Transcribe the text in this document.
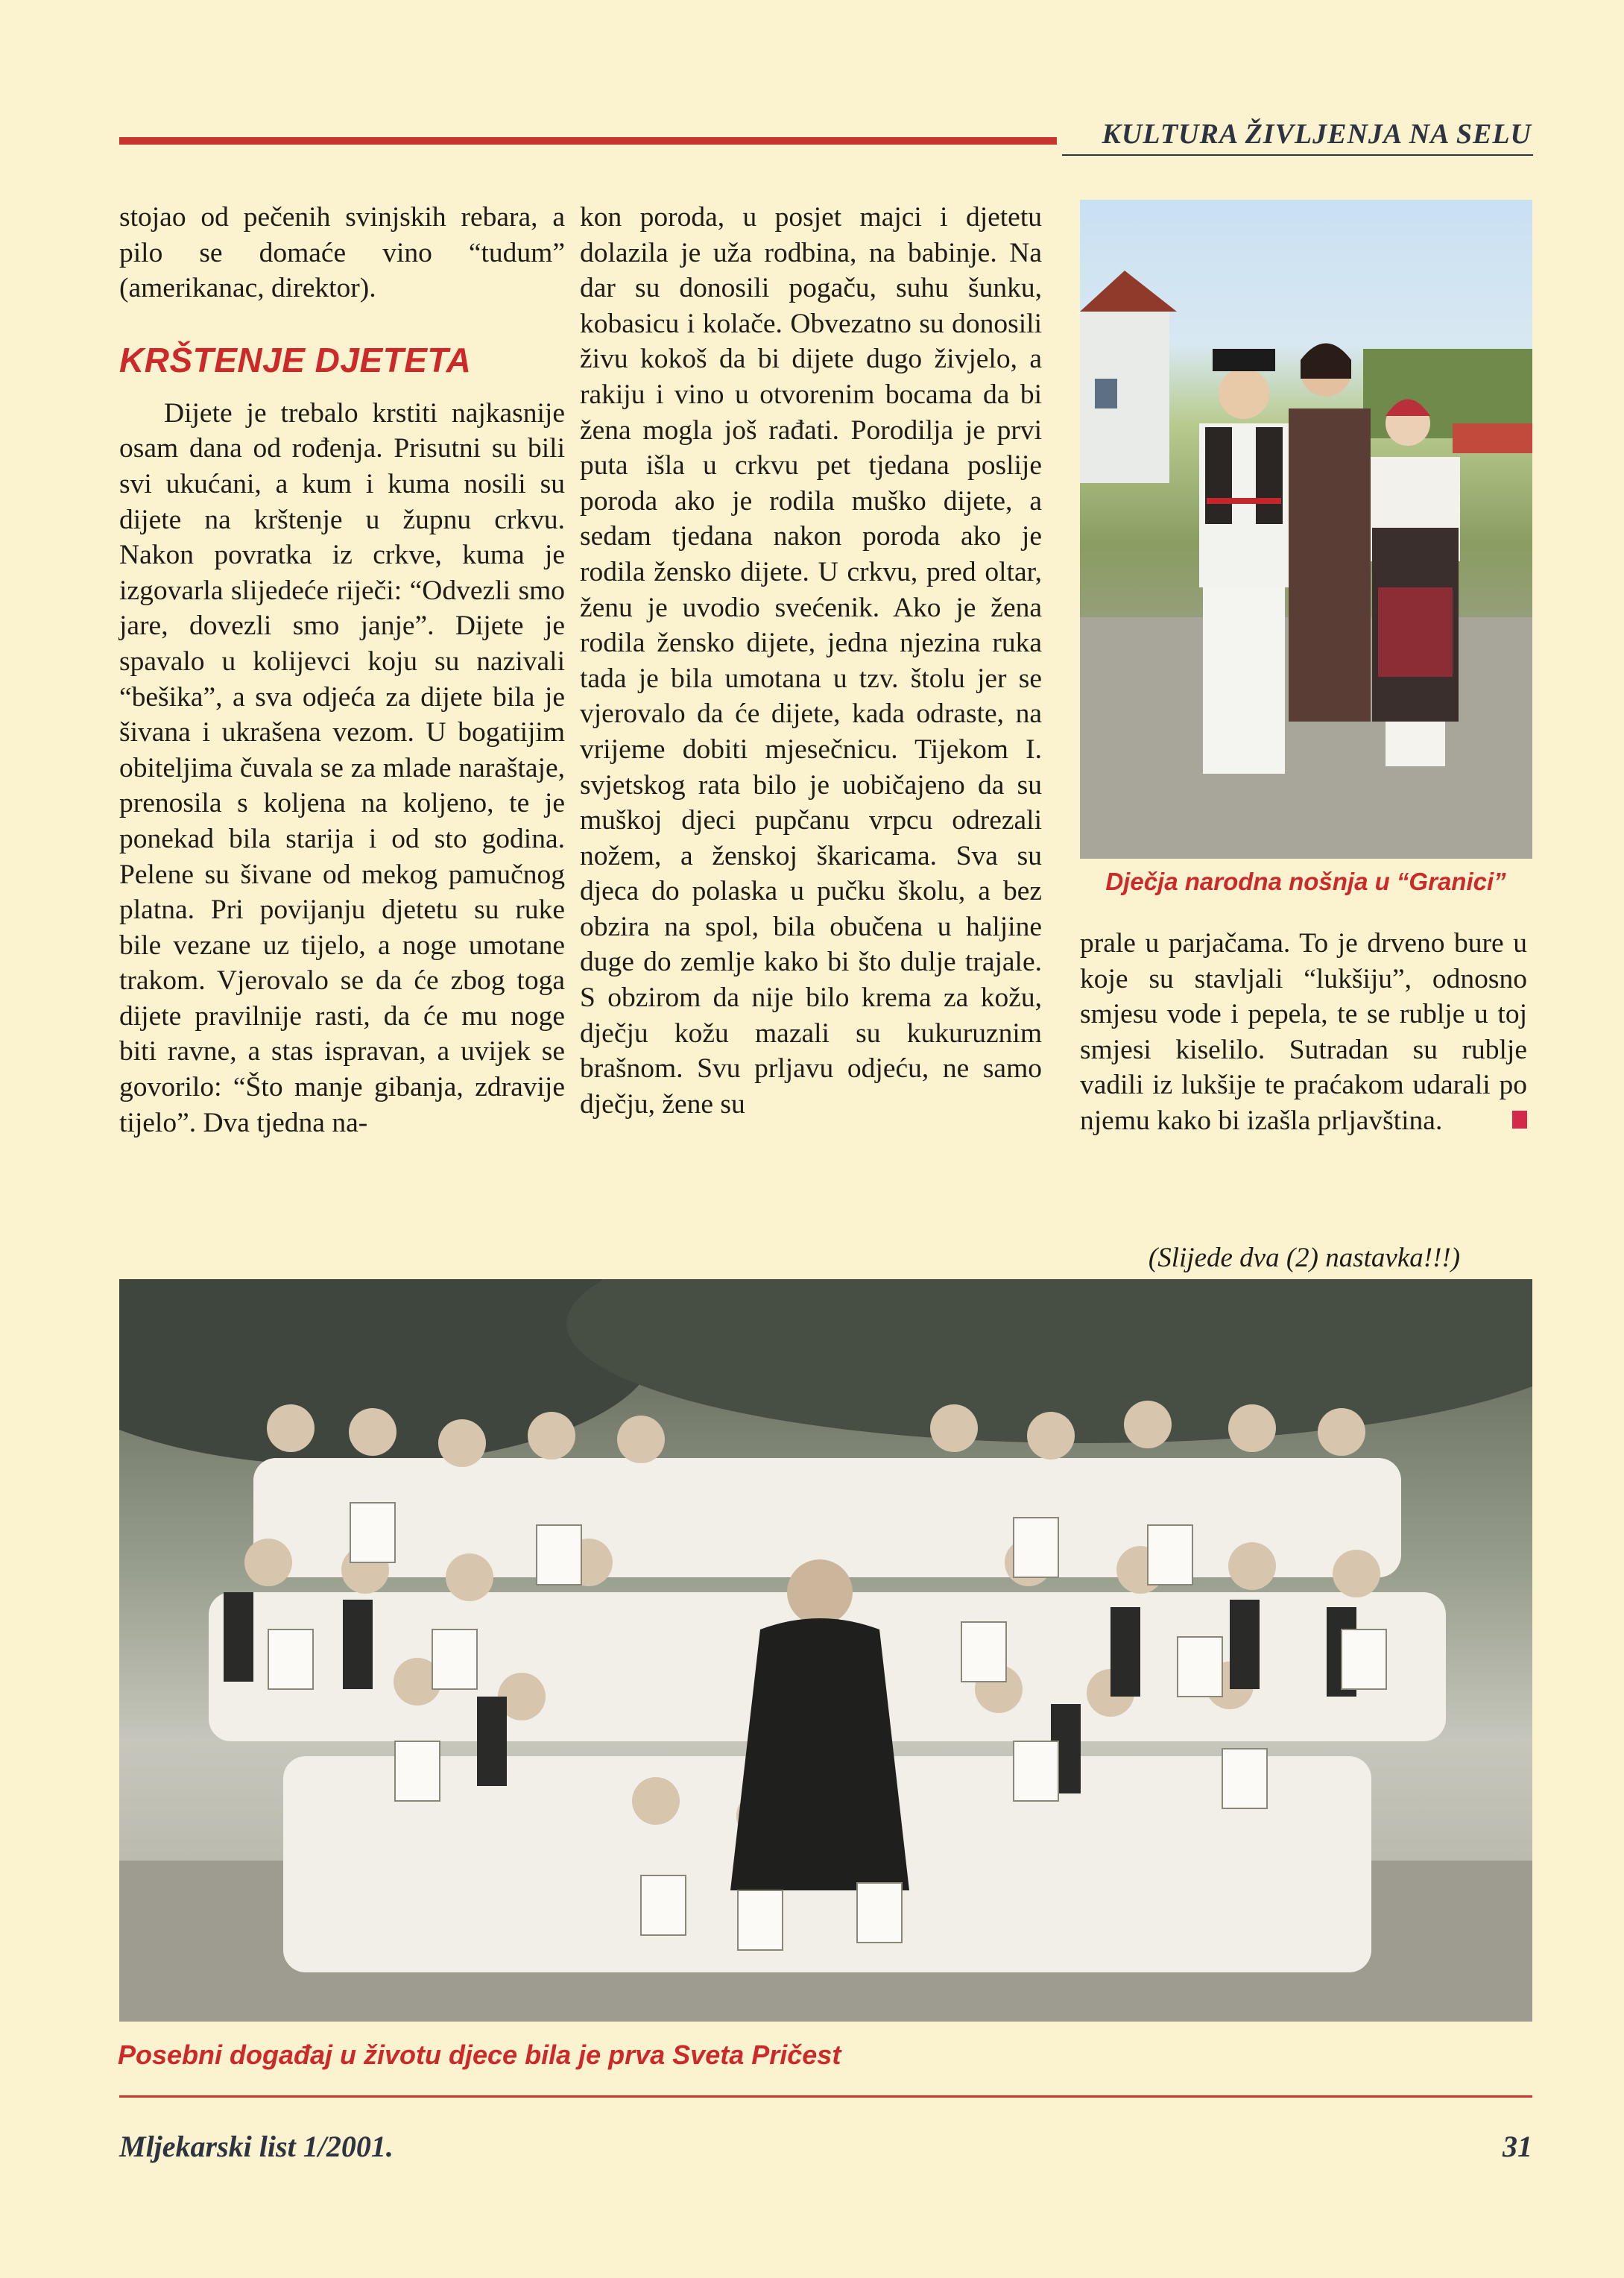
KULTURA ŽIVLJENJA NA SELU

stojao od pečenih svinjskih rebara, a pilo se domaće vino “tudum” (amerikanac, direktor).

KRŠTENJE DJETETA

Dijete je trebalo krstiti najkasnije osam dana od rođenja. Prisutni su bili svi ukućani, a kum i kuma nosili su dijete na krštenje u župnu crkvu. Nakon povratka iz crkve, kuma je izgovarla slijedeće riječi: “Odvezli smo jare, dovezli smo janje”. Dijete je spavalo u kolijevci koju su nazivali “bešika”, a sva odjeća za dijete bila je šivana i ukrašena vezom. U bogatijim obiteljima čuvala se za mlade naraštaje, prenosila s koljena na koljeno, te je ponekad bila starija i od sto godina. Pelene su šivane od mekog pamučnog platna. Pri povijanju djetetu su ruke bile vezane uz tijelo, a noge umotane trakom. Vjerovalo se da će zbog toga dijete pravilnije rasti, da će mu noge biti ravne, a stas ispravan, a uvijek se govorilo: “Što manje gibanja, zdravije tijelo”. Dva tjedna na-

kon poroda, u posjet majci i djetetu dolazila je uža rodbina, na babinje. Na dar su donosili pogaču, suhu šunku, kobasicu i kolače. Obvezatno su donosili živu kokoš da bi dijete dugo živjelo, a rakiju i vino u otvorenim bocama da bi žena mogla još rađati. Porodilja je prvi puta išla u crkvu pet tjedana poslije poroda ako je rodila muško dijete, a sedam tjedana nakon poroda ako je rodila žensko dijete. U crkvu, pred oltar, ženu je uvodio svećenik. Ako je žena rodila žensko dijete, jedna njezina ruka tada je bila umotana u tzv. štolu jer se vjerovalo da će dijete, kada odraste, na vrijeme dobiti mjesečnicu. Tijekom I. svjetskog rata bilo je uobičajeno da su muškoj djeci pupčanu vrpcu odrezali nožem, a ženskoj škaricama. Sva su djeca do polaska u pučku školu, a bez obzira na spol, bila obučena u haljine duge do zemlje kako bi što dulje trajale. S obzirom da nije bilo krema za kožu, dječju kožu mazali su kukuruznim brašnom. Svu prljavu odjeću, ne samo dječju, žene su

Dječja narodna nošnja u “Granici”

prale u parjačama. To je drveno bure u koje su stavljali “lukšiju”, odnosno smjesu vode i pepela, te se rublje u toj smjesi kiselilo. Sutradan su rublje vadili iz lukšije te praćakom udarali po njemu kako bi izašla prljavština.

(Slijede dva (2) nastavka!!!)
Posebni događaj u životu djece bila je prva Sveta Pričest
Mljekarski list 1/2001.	31
